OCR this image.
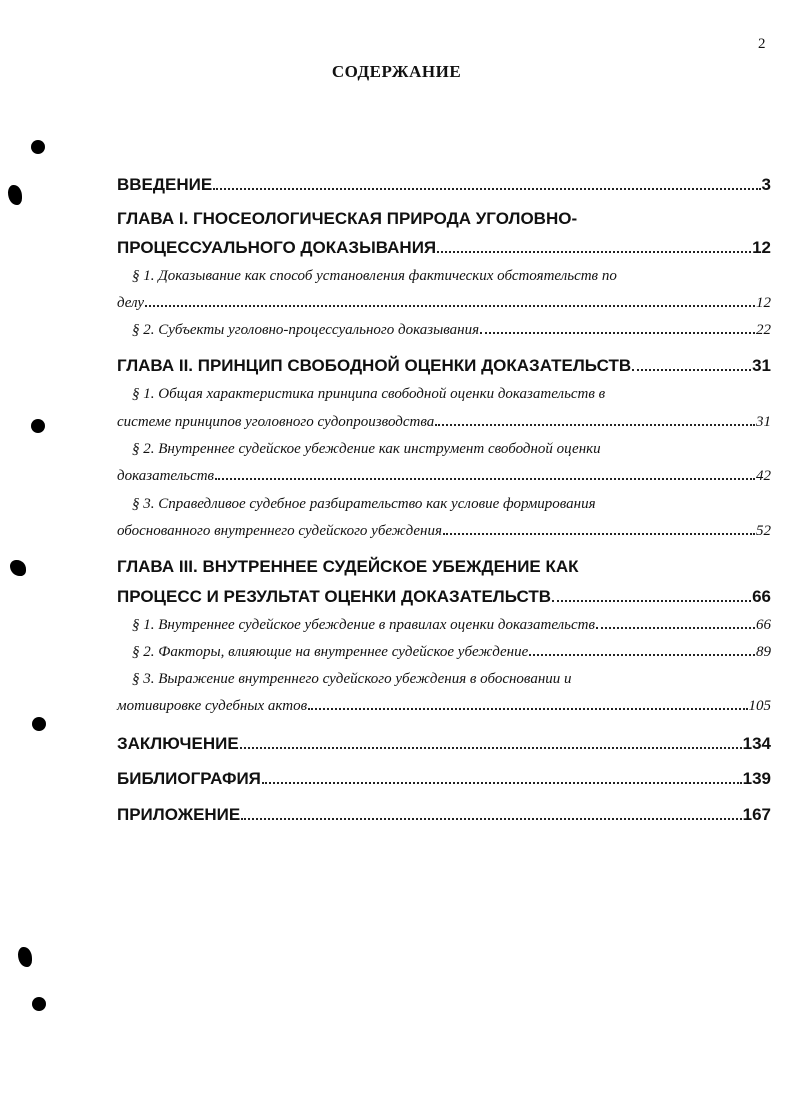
2
СОДЕРЖАНИЕ
ВВЕДЕНИЕ	3
ГЛАВА I. ГНОСЕОЛОГИЧЕСКАЯ ПРИРОДА УГОЛОВНО-
ПРОЦЕССУАЛЬНОГО ДОКАЗЫВАНИЯ	12
§ 1. Доказывание как способ установления фактических обстоятельств по
делу	12
§ 2. Субъекты уголовно-процессуального доказывания	22
ГЛАВА II. ПРИНЦИП СВОБОДНОЙ ОЦЕНКИ ДОКАЗАТЕЛЬСТВ	31
§ 1. Общая характеристика принципа свободной оценки доказательств в
системе принципов уголовного судопроизводства	31
§ 2. Внутреннее судейское убеждение как инструмент свободной оценки
доказательств	42
§ 3. Справедливое судебное разбирательство как условие формирования
обоснованного внутреннего судейского убеждения	52
ГЛАВА III. ВНУТРЕННЕЕ СУДЕЙСКОЕ УБЕЖДЕНИЕ КАК
ПРОЦЕСС И РЕЗУЛЬТАТ ОЦЕНКИ ДОКАЗАТЕЛЬСТВ	66
§ 1. Внутреннее судейское убеждение в правилах оценки доказательств	66
§ 2. Факторы, влияющие на внутреннее судейское убеждение	89
§ 3. Выражение внутреннего судейского убеждения в обосновании и
мотивировке судебных актов	105
ЗАКЛЮЧЕНИЕ	134
БИБЛИОГРАФИЯ	139
ПРИЛОЖЕНИЕ	167
